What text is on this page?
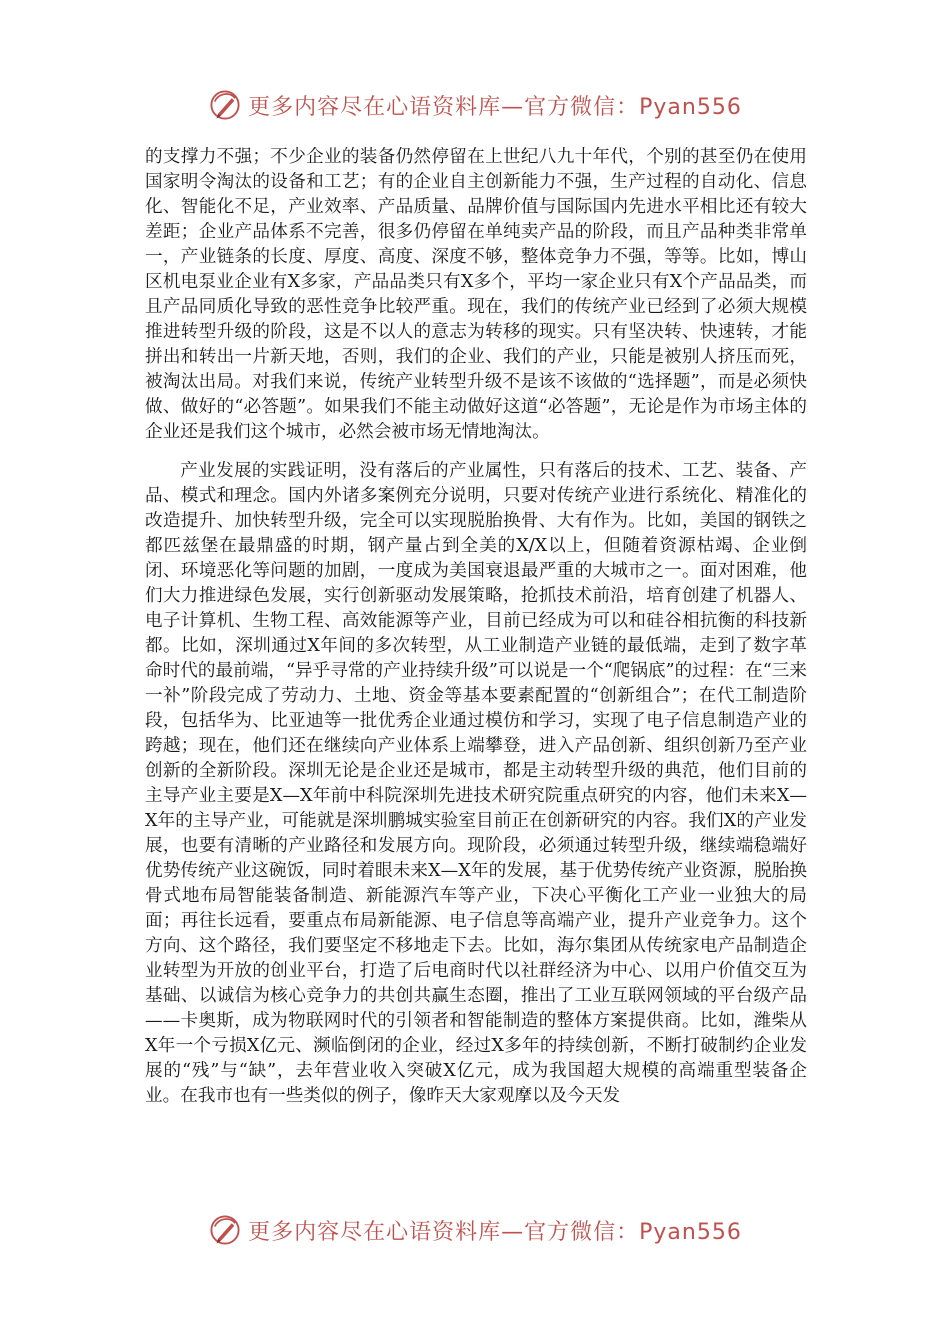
更多内容尽在心语资料库—官方微信：Pyan556

的支撑力不强；不少企业的装备仍然停留在上世纪八九十年代，个别的甚至仍在使用国家明令淘汰的设备和工艺；有的企业自主创新能力不强，生产过程的自动化、信息化、智能化不足，产业效率、产品质量、品牌价值与国际国内先进水平相比还有较大差距；企业产品体系不完善，很多仍停留在单纯卖产品的阶段，而且产品种类非常单一，产业链条的长度、厚度、高度、深度不够，整体竞争力不强，等等。比如，博山区机电泵业企业有X多家，产品品类只有X多个，平均一家企业只有X个产品品类，而且产品同质化导致的恶性竞争比较严重。现在，我们的传统产业已经到了必须大规模推进转型升级的阶段，这是不以人的意志为转移的现实。只有坚决转、快速转，才能拼出和转出一片新天地，否则，我们的企业、我们的产业，只能是被别人挤压而死，被淘汰出局。对我们来说，传统产业转型升级不是该不该做的“选择题”，而是必须快做、做好的“必答题”。如果我们不能主动做好这道“必答题”，无论是作为市场主体的企业还是我们这个城市，必然会被市场无情地淘汰。

产业发展的实践证明，没有落后的产业属性，只有落后的技术、工艺、装备、产品、模式和理念。国内外诸多案例充分说明，只要对传统产业进行系统化、精准化的改造提升、加快转型升级，完全可以实现脱胎换骨、大有作为。比如，美国的钢铁之都匹兹堡在最鼎盛的时期，钢产量占到全美的X/X以上，但随着资源枯竭、企业倒闭、环境恶化等问题的加剧，一度成为美国衰退最严重的大城市之一。面对困难，他们大力推进绿色发展，实行创新驱动发展策略，抢抓技术前沿，培育创建了机器人、电子计算机、生物工程、高效能源等产业，目前已经成为可以和硅谷相抗衡的科技新都。比如，深圳通过X年间的多次转型，从工业制造产业链的最低端，走到了数字革命时代的最前端，“异乎寻常的产业持续升级”可以说是一个“爬锅底”的过程：在“三来一补”阶段完成了劳动力、土地、资金等基本要素配置的“创新组合”；在代工制造阶段，包括华为、比亚迪等一批优秀企业通过模仿和学习，实现了电子信息制造产业的跨越；现在，他们还在继续向产业体系上端攀登，进入产品创新、组织创新乃至产业创新的全新阶段。深圳无论是企业还是城市，都是主动转型升级的典范，他们目前的主导产业主要是X—X年前中科院深圳先进技术研究院重点研究的内容，他们未来X—X年的主导产业，可能就是深圳鹏城实验室目前正在创新研究的内容。我们X的产业发展，也要有清晰的产业路径和发展方向。现阶段，必须通过转型升级，继续端稳端好优势传统产业这碗饭，同时着眼未来X—X年的发展，基于优势传统产业资源，脱胎换骨式地布局智能装备制造、新能源汽车等产业，下决心平衡化工产业一业独大的局面；再往长远看，要重点布局新能源、电子信息等高端产业，提升产业竞争力。这个方向、这个路径，我们要坚定不移地走下去。比如，海尔集团从传统家电产品制造企业转型为开放的创业平台，打造了后电商时代以社群经济为中心、以用户价值交互为基础、以诚信为核心竞争力的共创共赢生态圈，推出了工业互联网领域的平台级产品——卡奥斯，成为物联网时代的引领者和智能制造的整体方案提供商。比如，潍柴从X年一个亏损X亿元、濒临倒闭的企业，经过X多年的持续创新，不断打破制约企业发展的“残”与“缺”，去年营业收入突破X亿元，成为我国超大规模的高端重型装备企业。在我市也有一些类似的例子，像昨天大家观摩以及今天发

更多内容尽在心语资料库—官方微信：Pyan556
